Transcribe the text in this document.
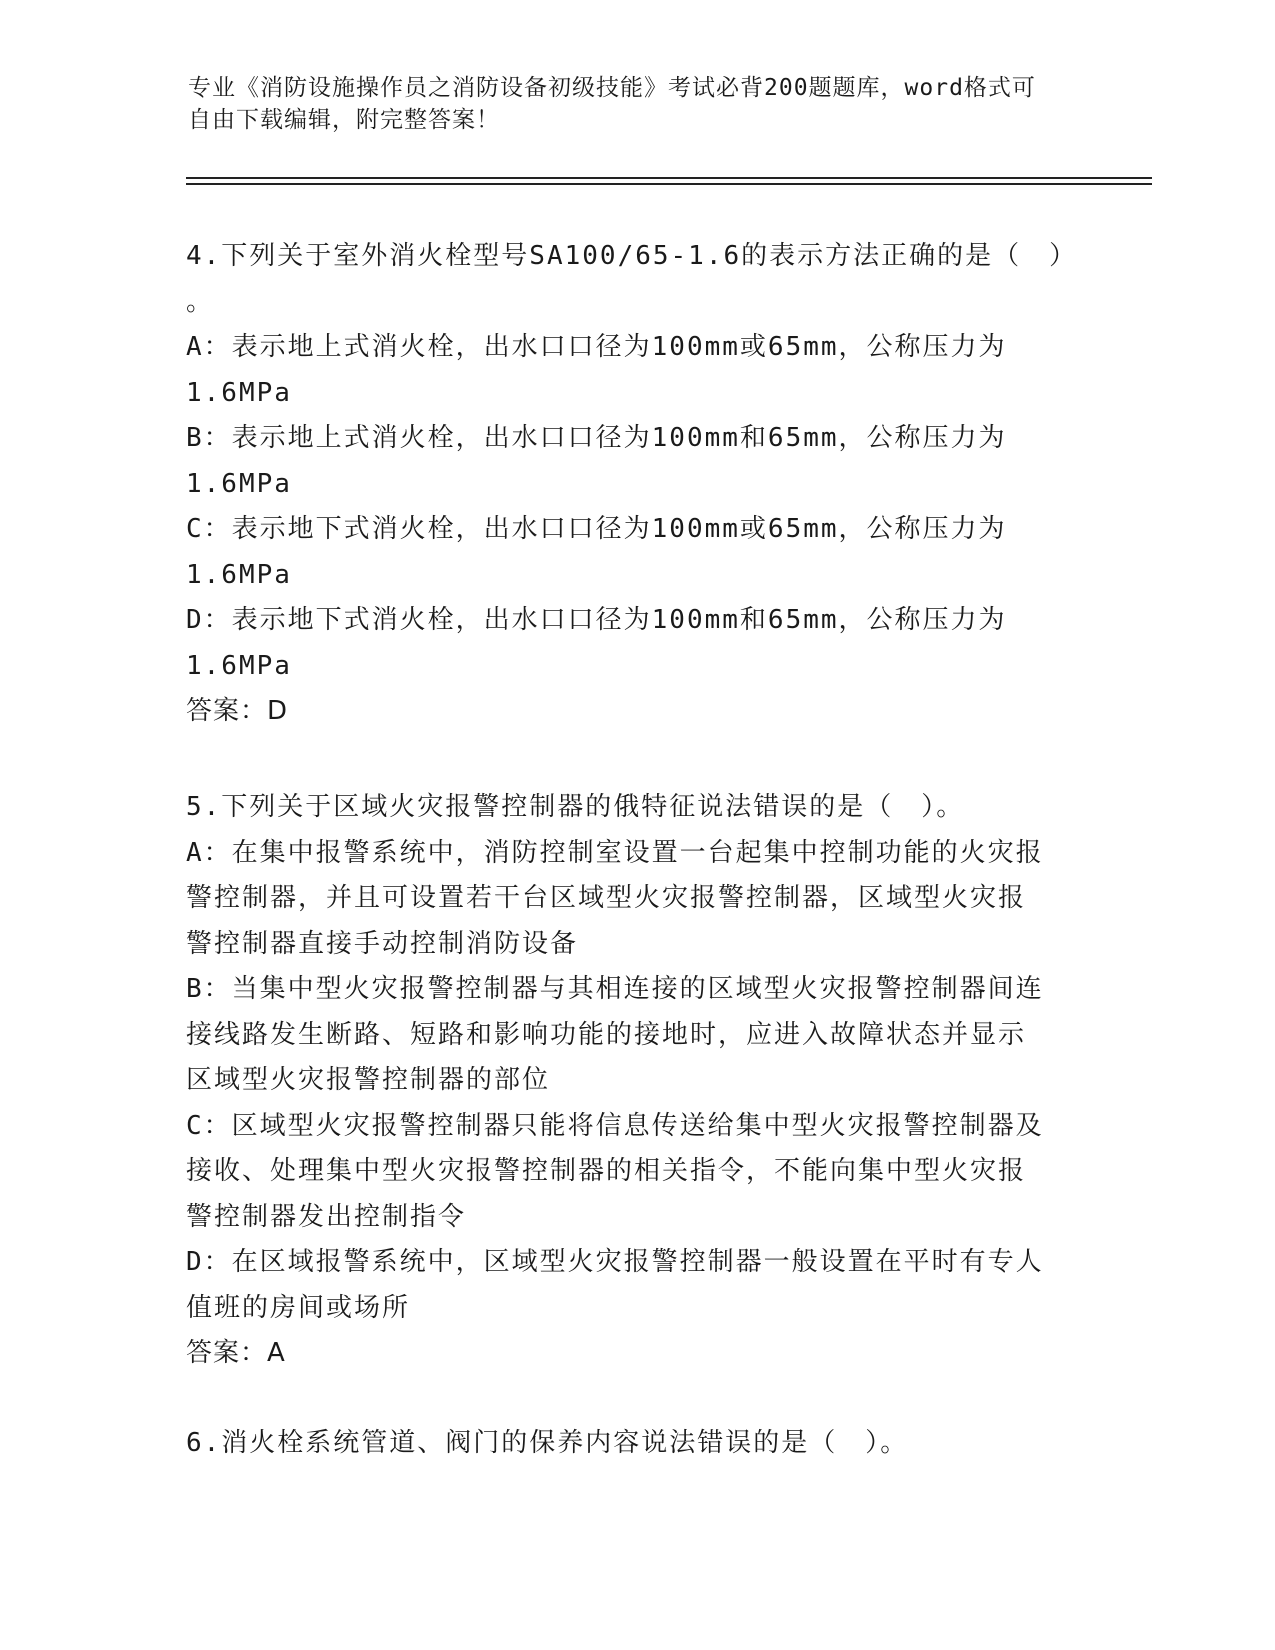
专业《消防设施操作员之消防设备初级技能》考试必背200题题库，word格式可
自由下载编辑，附完整答案！
4.下列关于室外消火栓型号SA100/65-1.6的表示方法正确的是（　）
。
A：表示地上式消火栓，出水口口径为100mm或65mm，公称压力为
1.6MPa
B：表示地上式消火栓，出水口口径为100mm和65mm，公称压力为
1.6MPa
C：表示地下式消火栓，出水口口径为100mm或65mm，公称压力为
1.6MPa
D：表示地下式消火栓，出水口口径为100mm和65mm，公称压力为
1.6MPa
答案：D
5.下列关于区域火灾报警控制器的俄特征说法错误的是（　）。
A：在集中报警系统中，消防控制室设置一台起集中控制功能的火灾报
警控制器，并且可设置若干台区域型火灾报警控制器，区域型火灾报
警控制器直接手动控制消防设备
B：当集中型火灾报警控制器与其相连接的区域型火灾报警控制器间连
接线路发生断路、短路和影响功能的接地时，应进入故障状态并显示
区域型火灾报警控制器的部位
C：区域型火灾报警控制器只能将信息传送给集中型火灾报警控制器及
接收、处理集中型火灾报警控制器的相关指令，不能向集中型火灾报
警控制器发出控制指令
D：在区域报警系统中，区域型火灾报警控制器一般设置在平时有专人
值班的房间或场所
答案：A
6.消火栓系统管道、阀门的保养内容说法错误的是（　）。
